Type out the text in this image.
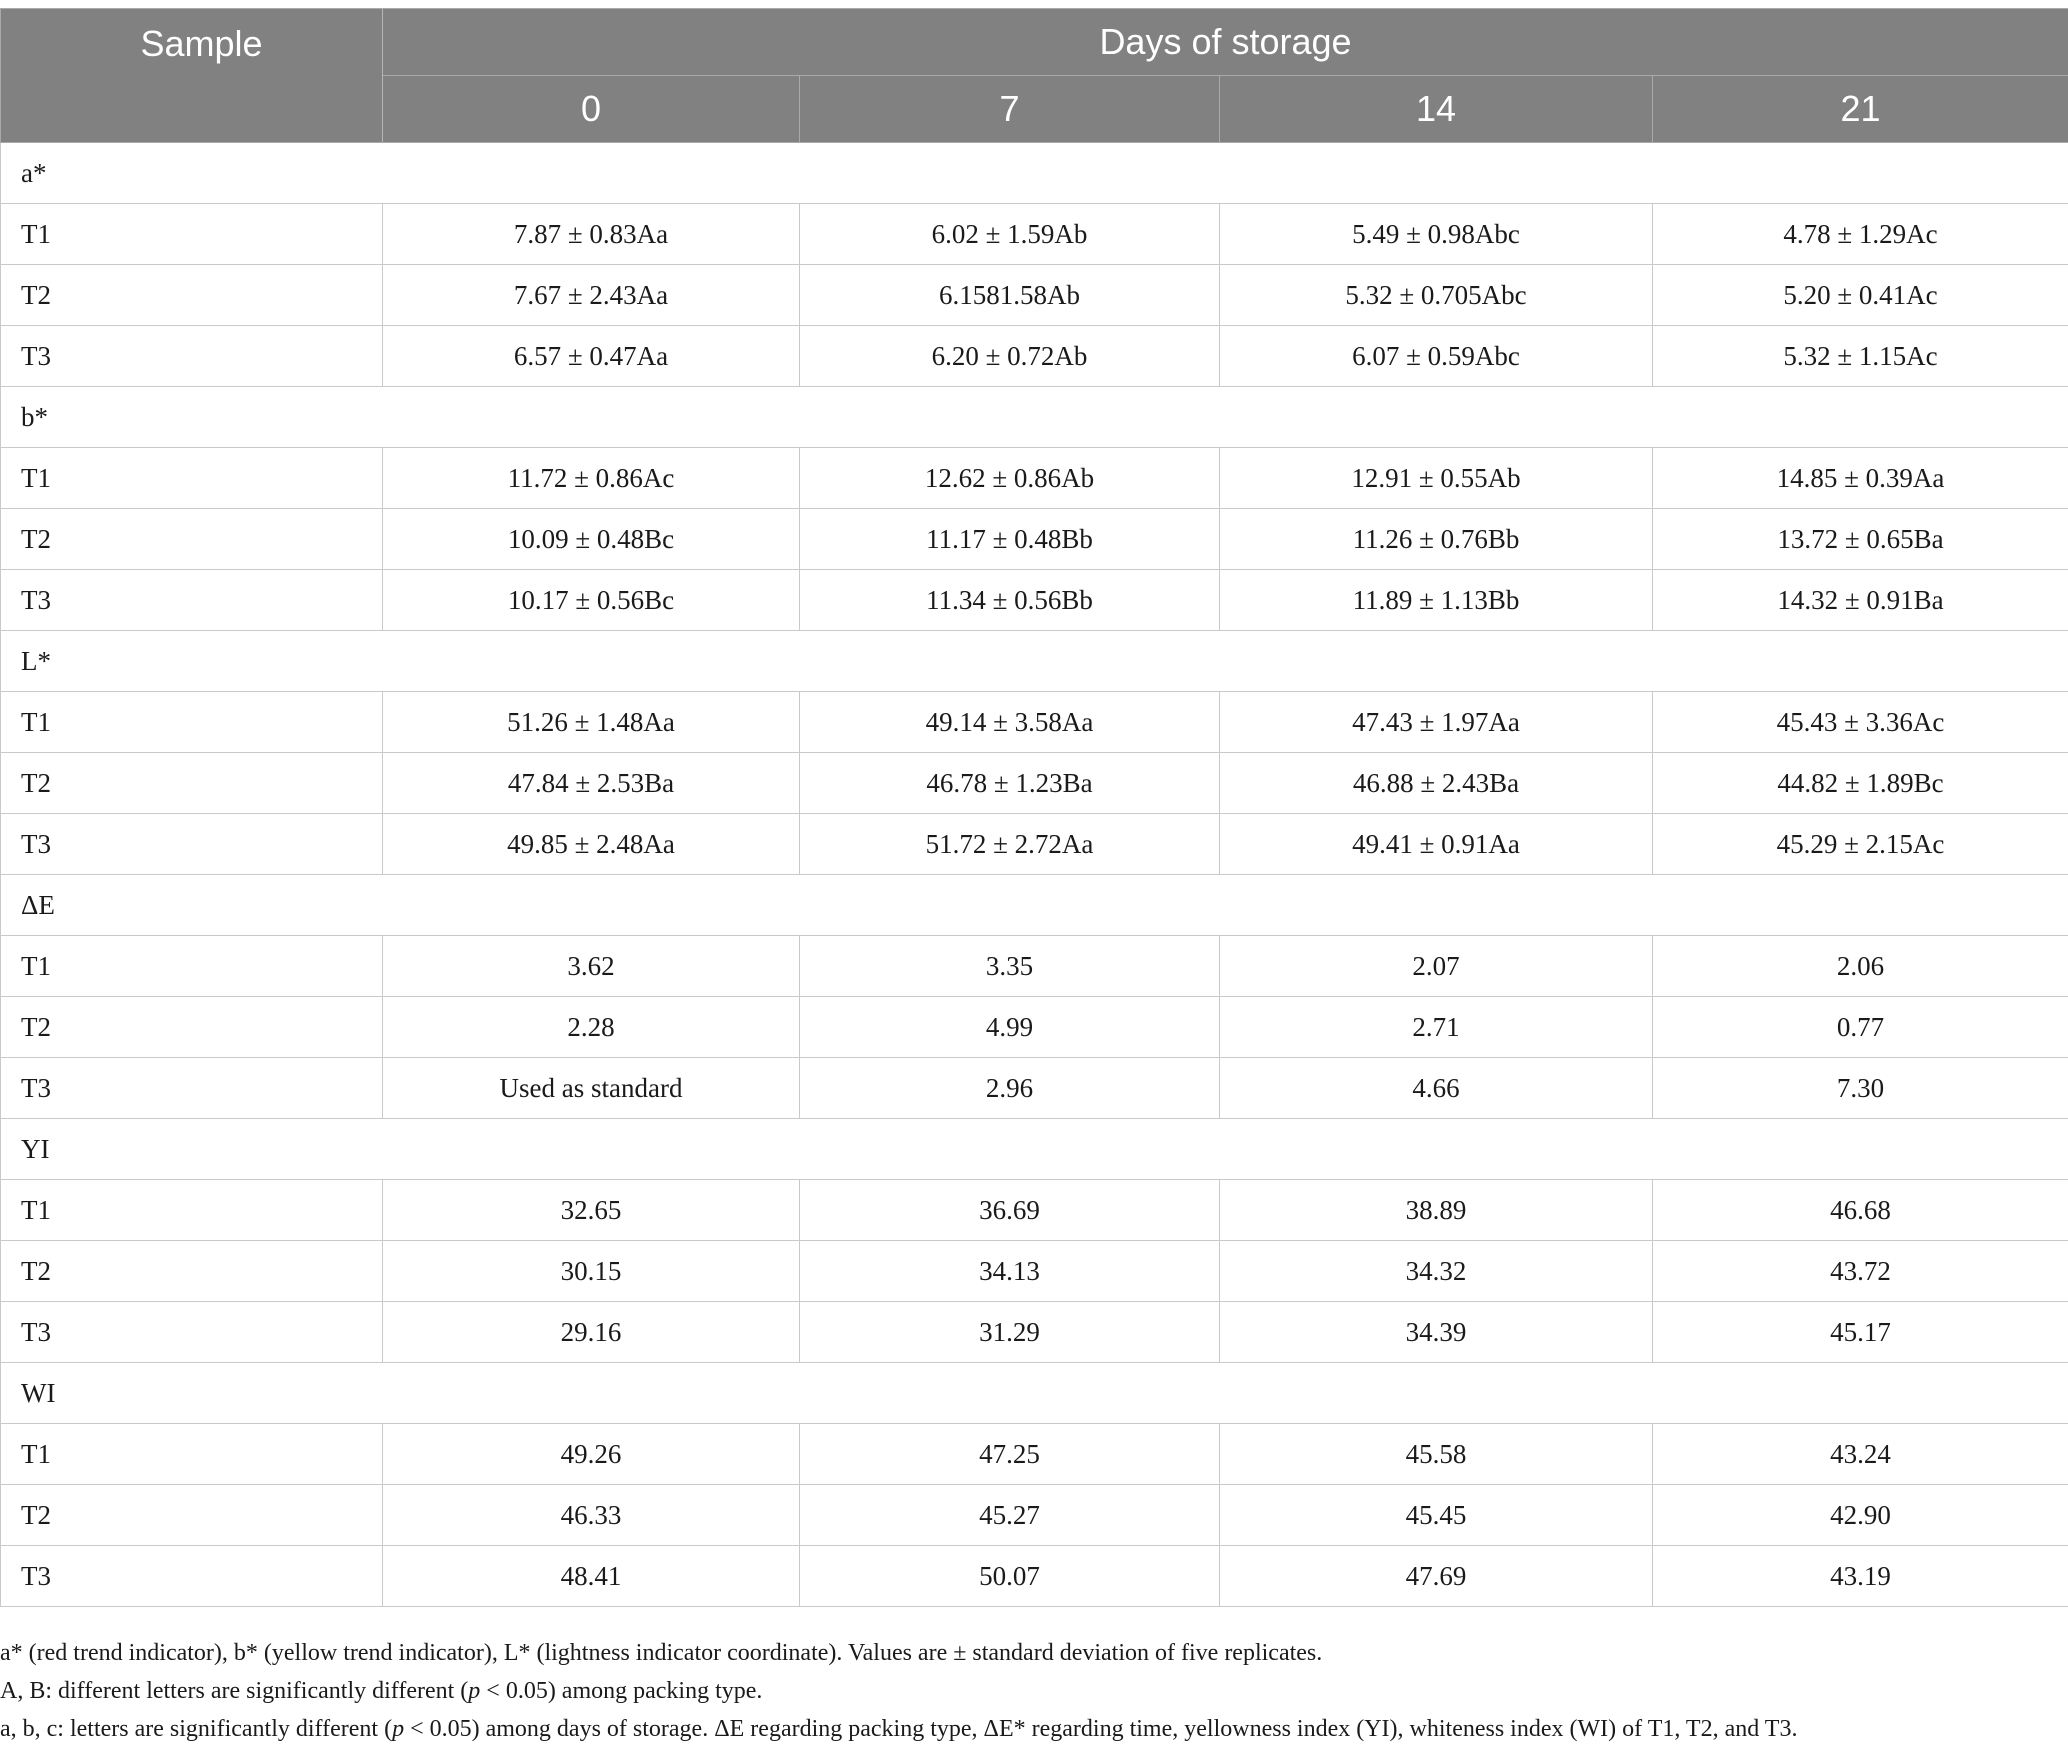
Sample	Days of storage			
	0	7	14	21
a*				
T1	7.87 ± 0.83Aa	6.02 ± 1.59Ab	5.49 ± 0.98Abc	4.78 ± 1.29Ac
T2	7.67 ± 2.43Aa	6.1581.58Ab	5.32 ± 0.705Abc	5.20 ± 0.41Ac
T3	6.57 ± 0.47Aa	6.20 ± 0.72Ab	6.07 ± 0.59Abc	5.32 ± 1.15Ac
b*				
T1	11.72 ± 0.86Ac	12.62 ± 0.86Ab	12.91 ± 0.55Ab	14.85 ± 0.39Aa
T2	10.09 ± 0.48Bc	11.17 ± 0.48Bb	11.26 ± 0.76Bb	13.72 ± 0.65Ba
T3	10.17 ± 0.56Bc	11.34 ± 0.56Bb	11.89 ± 1.13Bb	14.32 ± 0.91Ba
L*				
T1	51.26 ± 1.48Aa	49.14 ± 3.58Aa	47.43 ± 1.97Aa	45.43 ± 3.36Ac
T2	47.84 ± 2.53Ba	46.78 ± 1.23Ba	46.88 ± 2.43Ba	44.82 ± 1.89Bc
T3	49.85 ± 2.48Aa	51.72 ± 2.72Aa	49.41 ± 0.91Aa	45.29 ± 2.15Ac
ΔE				
T1	3.62	3.35	2.07	2.06
T2	2.28	4.99	2.71	0.77
T3	Used as standard	2.96	4.66	7.30
YI				
T1	32.65	36.69	38.89	46.68
T2	30.15	34.13	34.32	43.72
T3	29.16	31.29	34.39	45.17
WI				
T1	49.26	47.25	45.58	43.24
T2	46.33	45.27	45.45	42.90
T3	48.41	50.07	47.69	43.19

a* (red trend indicator), b* (yellow trend indicator), L* (lightness indicator coordinate). Values are ± standard deviation of five replicates.

A, B: different letters are significantly different (p < 0.05) among packing type.

a, b, c: letters are significantly different (p < 0.05) among days of storage. ΔE regarding packing type, ΔE* regarding time, yellowness index (YI), whiteness index (WI) of T1, T2, and T3.
